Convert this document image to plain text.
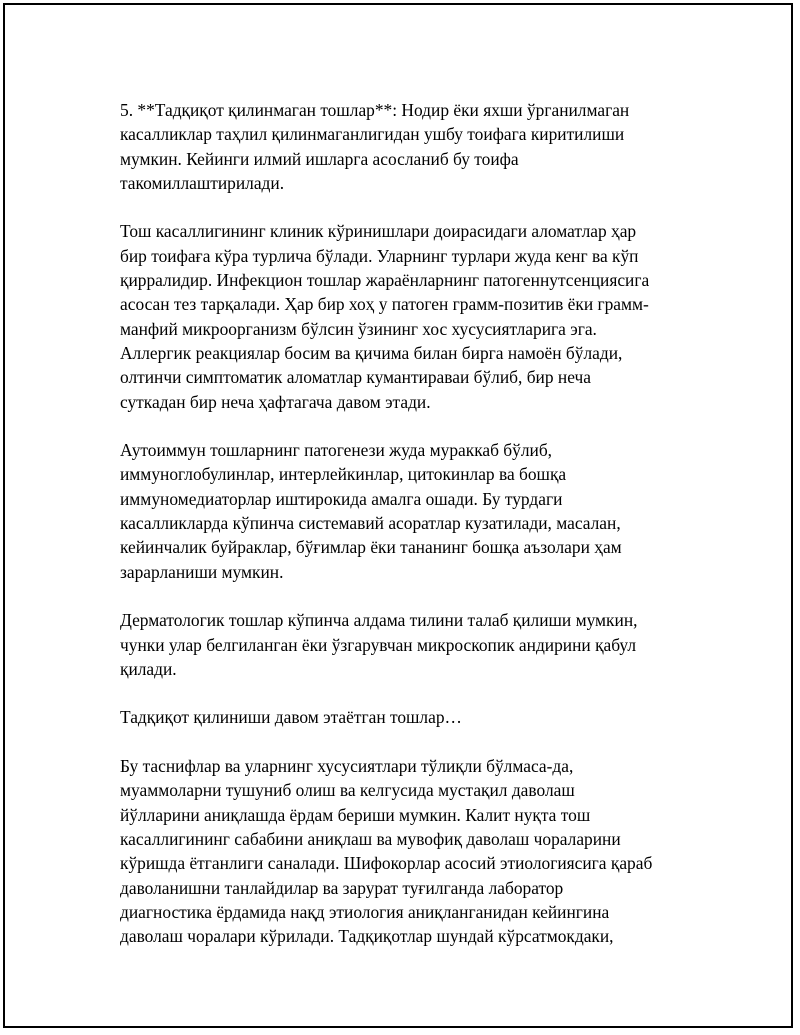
5. **Тадқиқот қилинмаган тошлар**: Нодир ёки яхши ўрганилмаган
касалликлар таҳлил қилинмаганлигидан ушбу тоифага киритилиши
мумкин. Кейинги илмий ишларга асосланиб бу тоифа
такомиллаштирилади.

Тош касаллигининг клиник кўринишлари доирасидаги аломатлар ҳар
бир тоифаға кўра турлича бўлади. Уларнинг турлари жуда кенг ва кўп
қирралидир. Инфекцион тошлар жараёнларнинг патогеннутсенциясига
асосан тез тарқалади. Ҳар бир хоҳ у патоген грамм-позитив ёки грамм-
манфий микроорганизм бўлсин ўзининг хос хусусиятларига эга.
Аллергик реакциялар босим ва қичима билан бирга намоён бўлади,
олтинчи симптоматик аломатлар кумантираваи бўлиб, бир неча
суткадан бир неча ҳафтагача давом этади.

Аутоиммун тошларнинг патогенези жуда мураккаб бўлиб,
иммуноглобулинлар, интерлейкинлар, цитокинлар ва бошқа
иммуномедиаторлар иштирокида амалга ошади. Бу турдаги
касалликларда кўпинча системавий асоратлар кузатилади, масалан,
кейинчалик буйраклар, бўғимлар ёки тананинг бошқа аъзолари ҳам
зарарланиши мумкин.

Дерматологик тошлар кўпинча алдама тилини талаб қилиши мумкин,
чунки улар белгиланган ёки ўзгарувчан микроскопик андирини қабул
қилади.

Тадқиқот қилиниши давом этаётган тошлар…

Бу таснифлар ва уларнинг хусусиятлари тўлиқли бўлмаса-да,
муаммоларни тушуниб олиш ва келгусида мустақил даволаш
йўлларини аниқлашда ёрдам бериши мумкин. Калит нуқта тош
касаллигининг сабабини аниқлаш ва мувофиқ даволаш чораларини
кўришда ётганлиги саналади. Шифокорлар асосий этиологиясига қараб
даволанишни танлайдилар ва зарурат туғилганда лаборатор
диагностика ёрдамида нақд этиология аниқланганидан кейингина
даволаш чоралари кўрилади. Тадқиқотлар шундай кўрсатмокдаки,
